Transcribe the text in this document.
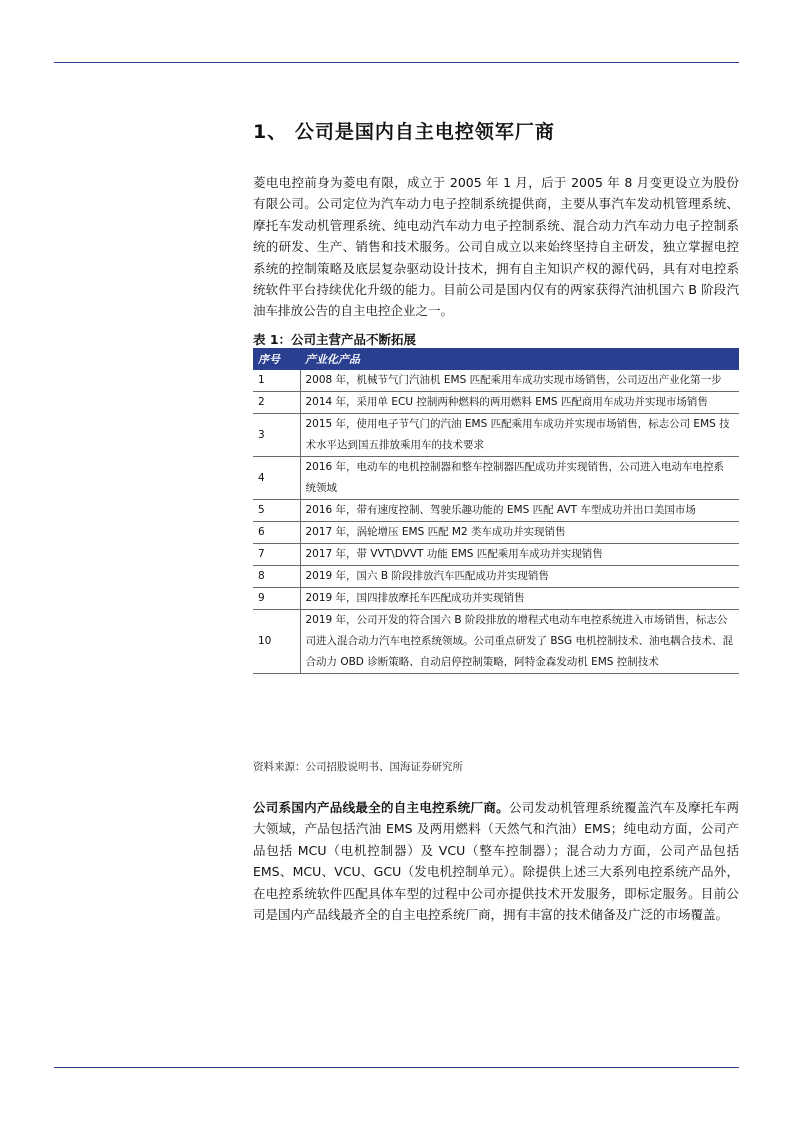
1、 公司是国内自主电控领军厂商

菱电电控前身为菱电有限，成立于 2005 年 1 月，后于 2005 年 8 月变更设立为股份有限公司。公司定位为汽车动力电子控制系统提供商，主要从事汽车发动机管理系统、摩托车发动机管理系统、纯电动汽车动力电子控制系统、混合动力汽车动力电子控制系统的研发、生产、销售和技术服务。公司自成立以来始终坚持自主研发，独立掌握电控系统的控制策略及底层复杂驱动设计技术，拥有自主知识产权的源代码，具有对电控系统软件平台持续优化升级的能力。目前公司是国内仅有的两家获得汽油机国六 B 阶段汽油车排放公告的自主电控企业之一。

表 1：公司主营产品不断拓展

序号	产业化产品
1	2008 年，机械节气门汽油机 EMS 匹配乘用车成功实现市场销售，公司迈出产业化第一步
2	2014 年，采用单 ECU 控制两种燃料的两用燃料 EMS 匹配商用车成功并实现市场销售
3	2015 年，使用电子节气门的汽油 EMS 匹配乘用车成功并实现市场销售，标志公司 EMS 技术水平达到国五排放乘用车的技术要求
4	2016 年，电动车的电机控制器和整车控制器匹配成功并实现销售，公司进入电动车电控系统领域
5	2016 年，带有速度控制、驾驶乐趣功能的 EMS 匹配 AVT 车型成功并出口美国市场
6	2017 年，涡轮增压 EMS 匹配 M2 类车成功并实现销售
7	2017 年，带 VVT\DVVT 功能 EMS 匹配乘用车成功并实现销售
8	2019 年，国六 B 阶段排放汽车匹配成功并实现销售
9	2019 年，国四排放摩托车匹配成功并实现销售
10	2019 年，公司开发的符合国六 B 阶段排放的增程式电动车电控系统进入市场销售，标志公司进入混合动力汽车电控系统领域。公司重点研发了 BSG 电机控制技术、油电耦合技术、混合动力 OBD 诊断策略、自动启停控制策略，阿特金森发动机 EMS 控制技术

资料来源：公司招股说明书、国海证券研究所

公司系国内产品线最全的自主电控系统厂商。公司发动机管理系统覆盖汽车及摩托车两大领域，产品包括汽油 EMS 及两用燃料（天然气和汽油）EMS；纯电动方面，公司产品包括 MCU（电机控制器）及 VCU（整车控制器）；混合动力方面，公司产品包括 EMS、MCU、VCU、GCU（发电机控制单元）。除提供上述三大系列电控系统产品外，在电控系统软件匹配具体车型的过程中公司亦提供技术开发服务，即标定服务。目前公司是国内产品线最齐全的自主电控系统厂商，拥有丰富的技术储备及广泛的市场覆盖。
